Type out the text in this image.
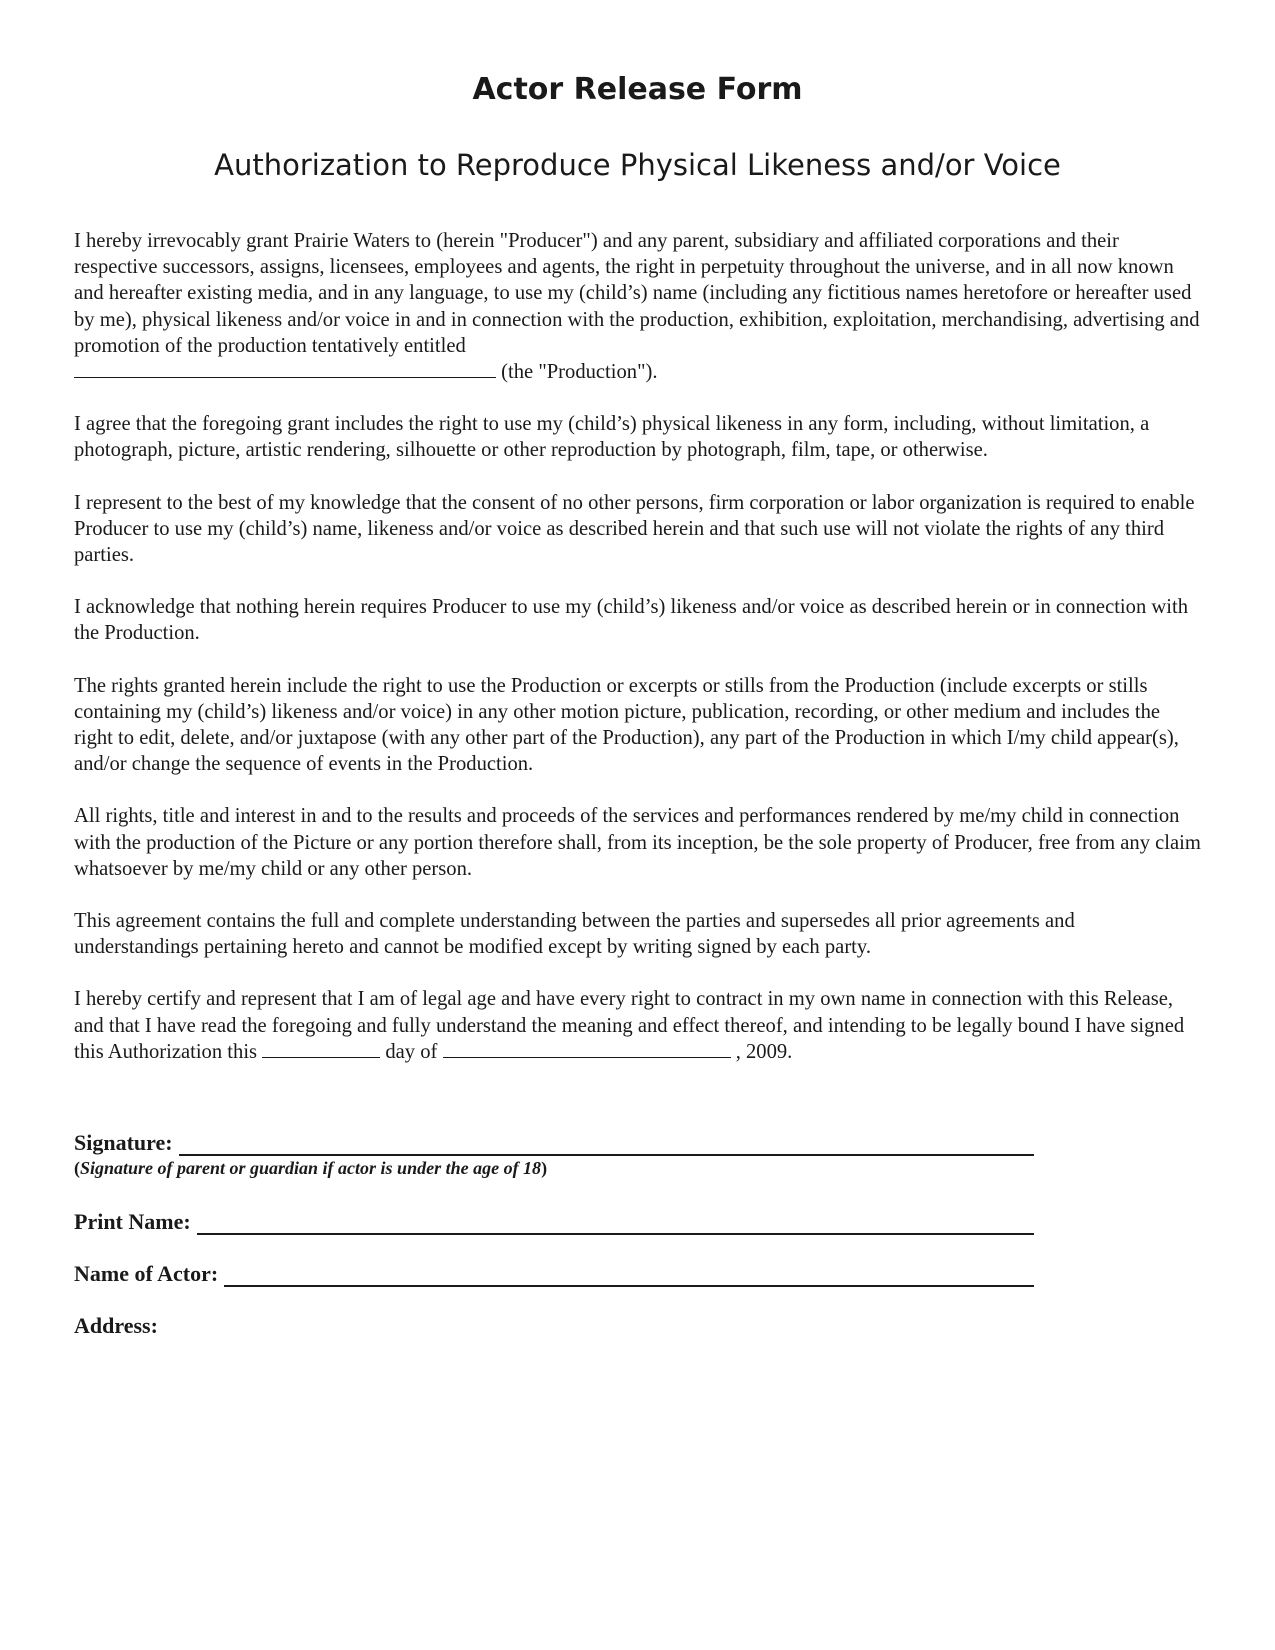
Actor Release Form
Authorization to Reproduce Physical Likeness and/or Voice

I hereby irrevocably grant Prairie Waters to (herein "Producer") and any parent, subsidiary and affiliated corporations and their respective successors, assigns, licensees, employees and agents, the right in perpetuity throughout the universe, and in all now known and hereafter existing media, and in any language, to use my (child’s) name (including any fictitious names heretofore or hereafter used by me), physical likeness and/or voice in and in connection with the production, exhibition, exploitation, merchandising, advertising and promotion of the production tentatively entitled
(the "Production").

I agree that the foregoing grant includes the right to use my (child’s) physical likeness in any form, including, without limitation, a photograph, picture, artistic rendering, silhouette or other reproduction by photograph, film, tape, or otherwise.

I represent to the best of my knowledge that the consent of no other persons, firm corporation or labor organization is required to enable Producer to use my (child’s) name, likeness and/or voice as described herein and that such use will not violate the rights of any third parties.

I acknowledge that nothing herein requires Producer to use my (child’s) likeness and/or voice as described herein or in connection with the Production.

The rights granted herein include the right to use the Production or excerpts or stills from the Production (include excerpts or stills containing my (child’s) likeness and/or voice) in any other motion picture, publication, recording, or other medium and includes the right to edit, delete, and/or juxtapose (with any other part of the Production), any part of the Production in which I/my child appear(s), and/or change the sequence of events in the Production.

All rights, title and interest in and to the results and proceeds of the services and performances rendered by me/my child in connection with the production of the Picture or any portion therefore shall, from its inception, be the sole property of Producer, free from any claim whatsoever by me/my child or any other person.

This agreement contains the full and complete understanding between the parties and supersedes all prior agreements and understandings pertaining hereto and cannot be modified except by writing signed by each party.

I hereby certify and represent that I am of legal age and have every right to contract in my own name in connection with this Release, and that I have read the foregoing and fully understand the meaning and effect thereof, and intending to be legally bound I have signed this Authorization this	day of	, 2009.

Signature:
(Signature of parent or guardian if actor is under the age of 18)
Print Name:
Name of Actor:
Address:
